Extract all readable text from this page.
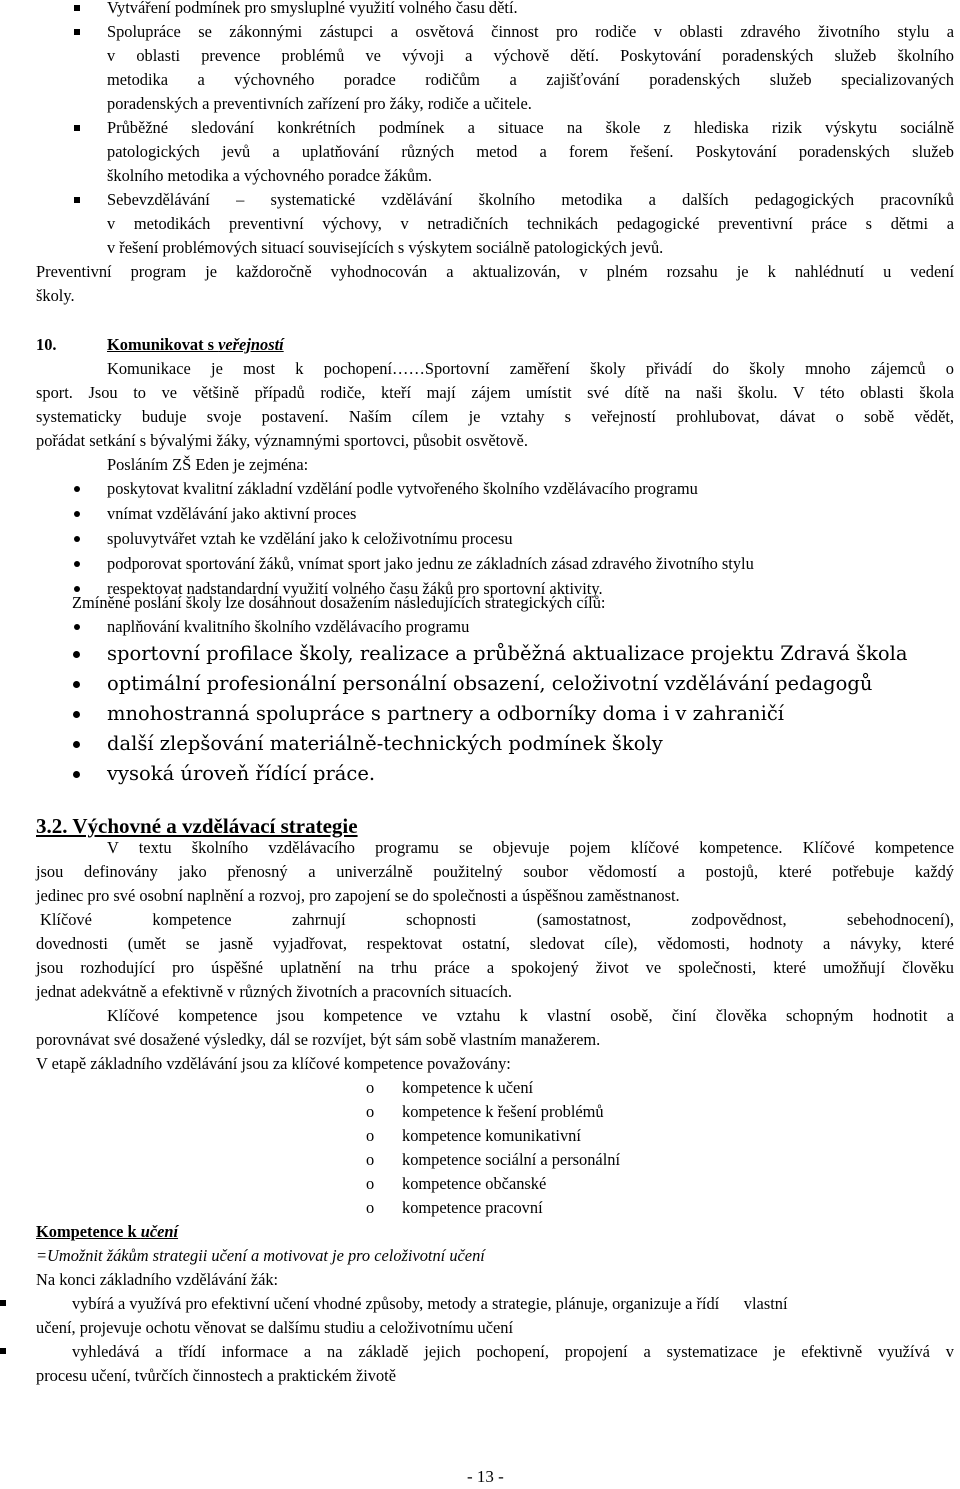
Vytváření podmínek pro smysluplné využití volného času dětí.
Spolupráce se zákonnými zástupci a osvětová činnost pro rodiče v oblasti zdravého životního stylu a
v oblasti prevence problémů ve vývoji a výchově dětí. Poskytování poradenských služeb školního
metodika a výchovného poradce rodičům a zajišťování poradenských služeb specializovaných
poradenských a preventivních zařízení pro žáky, rodiče a učitele.
Průběžné sledování konkrétních podmínek a situace na škole z hlediska rizik výskytu sociálně
patologických jevů a uplatňování různých metod a forem řešení. Poskytování poradenských služeb
školního metodika a výchovného poradce žákům.
Sebevzdělávání – systematické vzdělávání školního metodika a dalších pedagogických pracovníků
v metodikách preventivní výchovy, v netradičních technikách pedagogické preventivní práce s dětmi a
v řešení problémových situací souvisejících s výskytem sociálně patologických jevů.
Preventivní program je každoročně vyhodnocován a aktualizován, v plném rozsahu je k nahlédnutí u vedení
školy.
10.	Komunikovat s veřejností
Komunikace je most k pochopení……Sportovní zaměření školy přivádí do školy mnoho zájemců o
sport. Jsou to ve většině případů rodiče, kteří mají zájem umístit své dítě na naši školu. V této oblasti škola
systematicky buduje svoje postavení. Naším cílem je vztahy s veřejností prohlubovat, dávat o sobě vědět,
pořádat setkání s bývalými žáky, významnými sportovci, působit osvětově.
Posláním ZŠ Eden je zejména:
poskytovat kvalitní základní vzdělání podle vytvořeného školního vzdělávacího programu
vnímat vzdělávání jako aktivní proces
spoluvytvářet vztah ke vzdělání jako k celoživotnímu procesu
podporovat sportování žáků, vnímat sport jako jednu ze základních zásad zdravého životního stylu
respektovat nadstandardní využití volného času žáků pro sportovní aktivity.
Zmíněné poslání školy lze dosáhnout dosažením následujících strategických cílů:
naplňování kvalitního školního vzdělávacího programu
sportovní profilace školy, realizace a průběžná aktualizace projektu Zdravá škola
optimální profesionální personální obsazení, celoživotní vzdělávání pedagogů
mnohostranná spolupráce s partnery a odborníky doma i v zahraničí
další zlepšování materiálně-technických podmínek školy
vysoká úroveň řídící práce.
3.2. Výchovné a vzdělávací strategie
V textu školního vzdělávacího programu se objevuje pojem klíčové kompetence. Klíčové kompetence
jsou definovány jako přenosný a univerzálně použitelný soubor vědomostí a postojů, které potřebuje každý
jedinec pro své osobní naplnění a rozvoj, pro zapojení se do společnosti a úspěšnou zaměstnanost.
Klíčové kompetence zahrnují schopnosti (samostatnost, zodpovědnost, sebehodnocení),
dovednosti (umět se jasně vyjadřovat, respektovat ostatní, sledovat cíle), vědomosti, hodnoty a návyky, které
jsou rozhodující pro úspěšné uplatnění na trhu práce a spokojený život ve společnosti, které umožňují člověku
jednat adekvátně a efektivně v různých životních a pracovních situacích.
Klíčové kompetence jsou kompetence ve vztahu k vlastní osobě, činí člověka schopným hodnotit a
porovnávat své dosažené výsledky, dál se rozvíjet, být sám sobě vlastním manažerem.
V etapě základního vzdělávání jsou za klíčové kompetence považovány:
o kompetence k učení
o kompetence k řešení problémů
o kompetence komunikativní
o kompetence sociální a personální
o kompetence občanské
o kompetence pracovní
Kompetence k učení
=Umožnit žákům strategii učení a motivovat je pro celoživotní učení
Na konci základního vzdělávání žák:
vybírá a využívá pro efektivní učení vhodné způsoby, metody a strategie, plánuje, organizuje a řídí      vlastní
učení, projevuje ochotu věnovat se dalšímu studiu a celoživotnímu učení
vyhledává a třídí informace a na základě jejich pochopení, propojení a systematizace je efektivně využívá v
procesu učení, tvůrčích činnostech a praktickém životě
- 13 -
